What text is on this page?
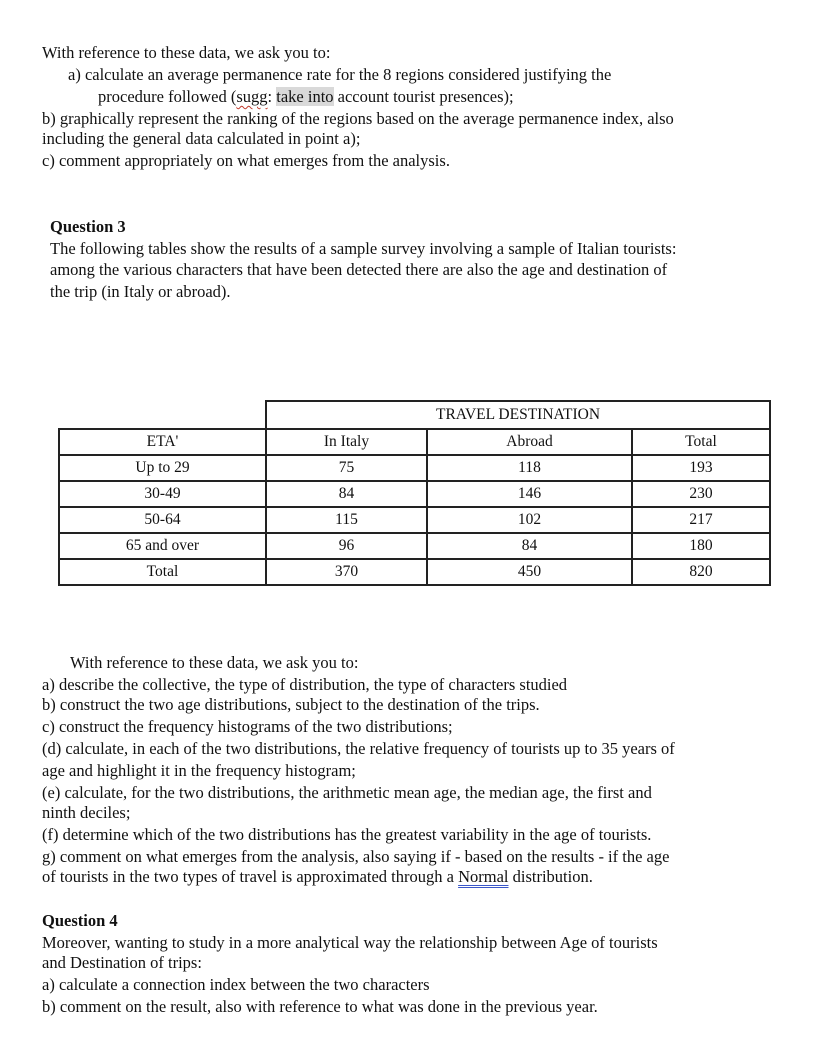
With reference to these data, we ask you to:
a) calculate an average permanence rate for the 8 regions considered justifying the
procedure followed (sugg: take into account tourist presences);
b) graphically represent the ranking of the regions based on the average permanence index, also
including the general data calculated in point a);
c) comment appropriately on what emerges from the analysis.
Question 3
The following tables show the results of a sample survey involving a sample of Italian tourists:
among the various characters that have been detected there are also the age and destination of
the trip (in Italy or abroad).
	TRAVEL DESTINATION		
ETA'	In Italy	Abroad	Total
Up to 29	75	118	193
30-49	84	146	230
50-64	115	102	217
65 and over	96	84	180
Total	370	450	820
With reference to these data, we ask you to:
a) describe the collective, the type of distribution, the type of characters studied
b) construct the two age distributions, subject to the destination of the trips.
c) construct the frequency histograms of the two distributions;
(d) calculate, in each of the two distributions, the relative frequency of tourists up to 35 years of
age and highlight it in the frequency histogram;
(e) calculate, for the two distributions, the arithmetic mean age, the median age, the first and
ninth deciles;
(f) determine which of the two distributions has the greatest variability in the age of tourists.
g) comment on what emerges from the analysis, also saying if - based on the results - if the age
of tourists in the two types of travel is approximated through a Normal distribution.
Question 4
Moreover, wanting to study in a more analytical way the relationship between Age of tourists
and Destination of trips:
a) calculate a connection index between the two characters
b) comment on the result, also with reference to what was done in the previous year.
